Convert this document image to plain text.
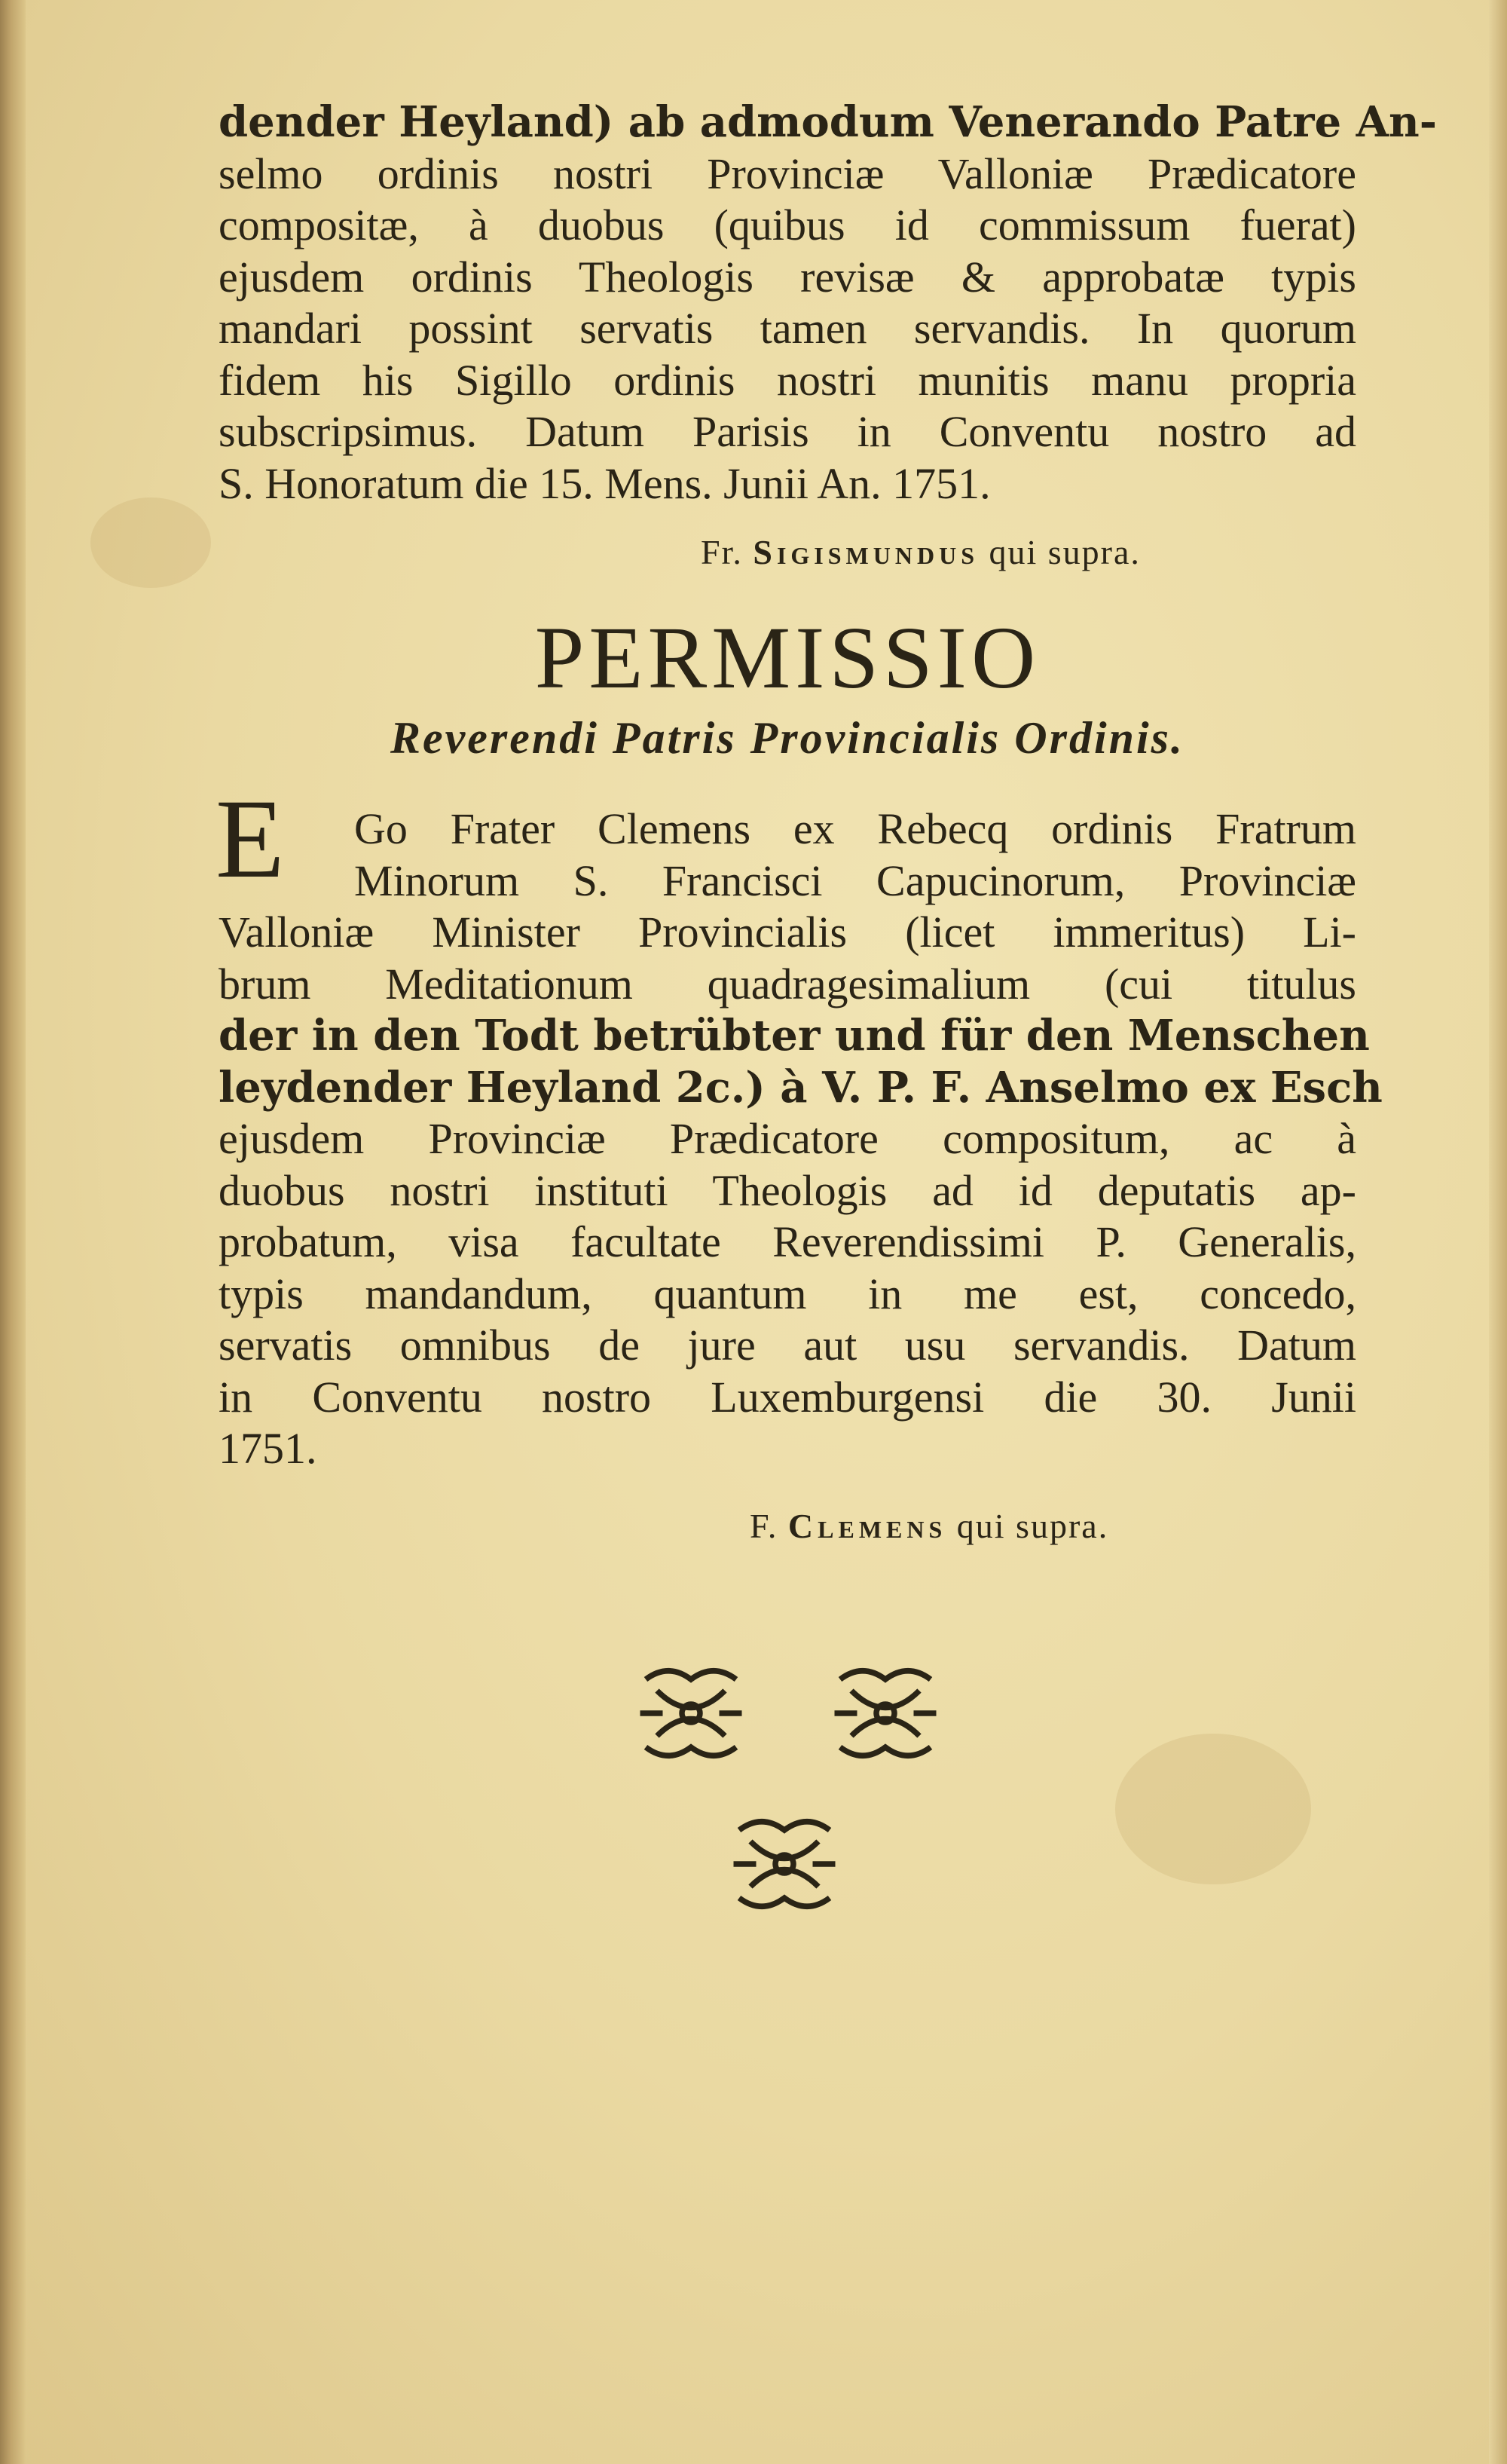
dender Heyland) ab admodum Venerando Patre An-
selmo ordinis nostri Provinciæ Valloniæ Prædicatore
compositæ, à duobus (quibus id commissum fuerat)
ejusdem ordinis Theologis revisæ & approbatæ typis
mandari possint servatis tamen servandis. In quorum
fidem his Sigillo ordinis nostri munitis manu propria
subscripsimus. Datum Parisis in Conventu nostro ad
S. Honoratum die 15. Mens. Junii An. 1751.
Fr. Sigismundus qui supra.
PERMISSIO
Reverendi Patris Provincialis Ordinis.
E	Go Frater Clemens ex Rebecq ordinis Fratrum
Minorum S. Francisci Capucinorum, Provinciæ
Valloniæ Minister Provincialis (licet immeritus) Li-
brum Meditationum quadragesimalium (cui titulus
der in den Todt betrübter und für den Menschen
leydender Heyland 2c.) à V. P. F. Anselmo ex Esch
ejusdem Provinciæ Prædicatore compositum, ac à
duobus nostri instituti Theologis ad id deputatis ap-
probatum, visa facultate Reverendissimi P. Generalis,
typis mandandum, quantum in me est, concedo,
servatis omnibus de jure aut usu servandis. Datum
in Conventu nostro Luxemburgensi die 30. Junii
1751.
F. Clemens qui supra.
